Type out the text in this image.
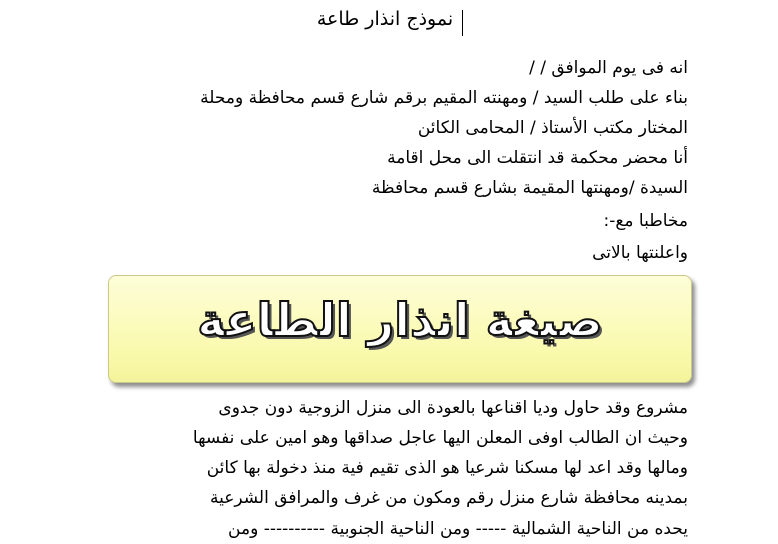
نموذج انذار طاعة
انه فى يوم الموافق / /
بناء على طلب السيد / ومهنته المقيم برقم شارع قسم محافظة ومحلة
المختار مكتب الأستاذ / المحامى الكائن
أنا محضر محكمة قد انتقلت الى محل اقامة
السيدة /ومهنتها المقيمة بشارع قسم محافظة
مخاطبا مع-:
واعلنتها بالاتى
مشروع وقد حاول وديا اقناعها بالعودة الى منزل الزوجية دون جدوى
وحيث ان الطالب اوفى المعلن اليها عاجل صداقها وهو امين على نفسها
ومالها وقد اعد لها مسكنا شرعيا هو الذى تقيم فية منذ دخولة بها كائن
بمدينه محافظة شارع منزل رقم ومكون من غرف والمرافق الشرعية
يحده من الناحية الشمالية ----- ومن الناحية الجنوبية ---------- ومن
صيغة انذار الطاعة
